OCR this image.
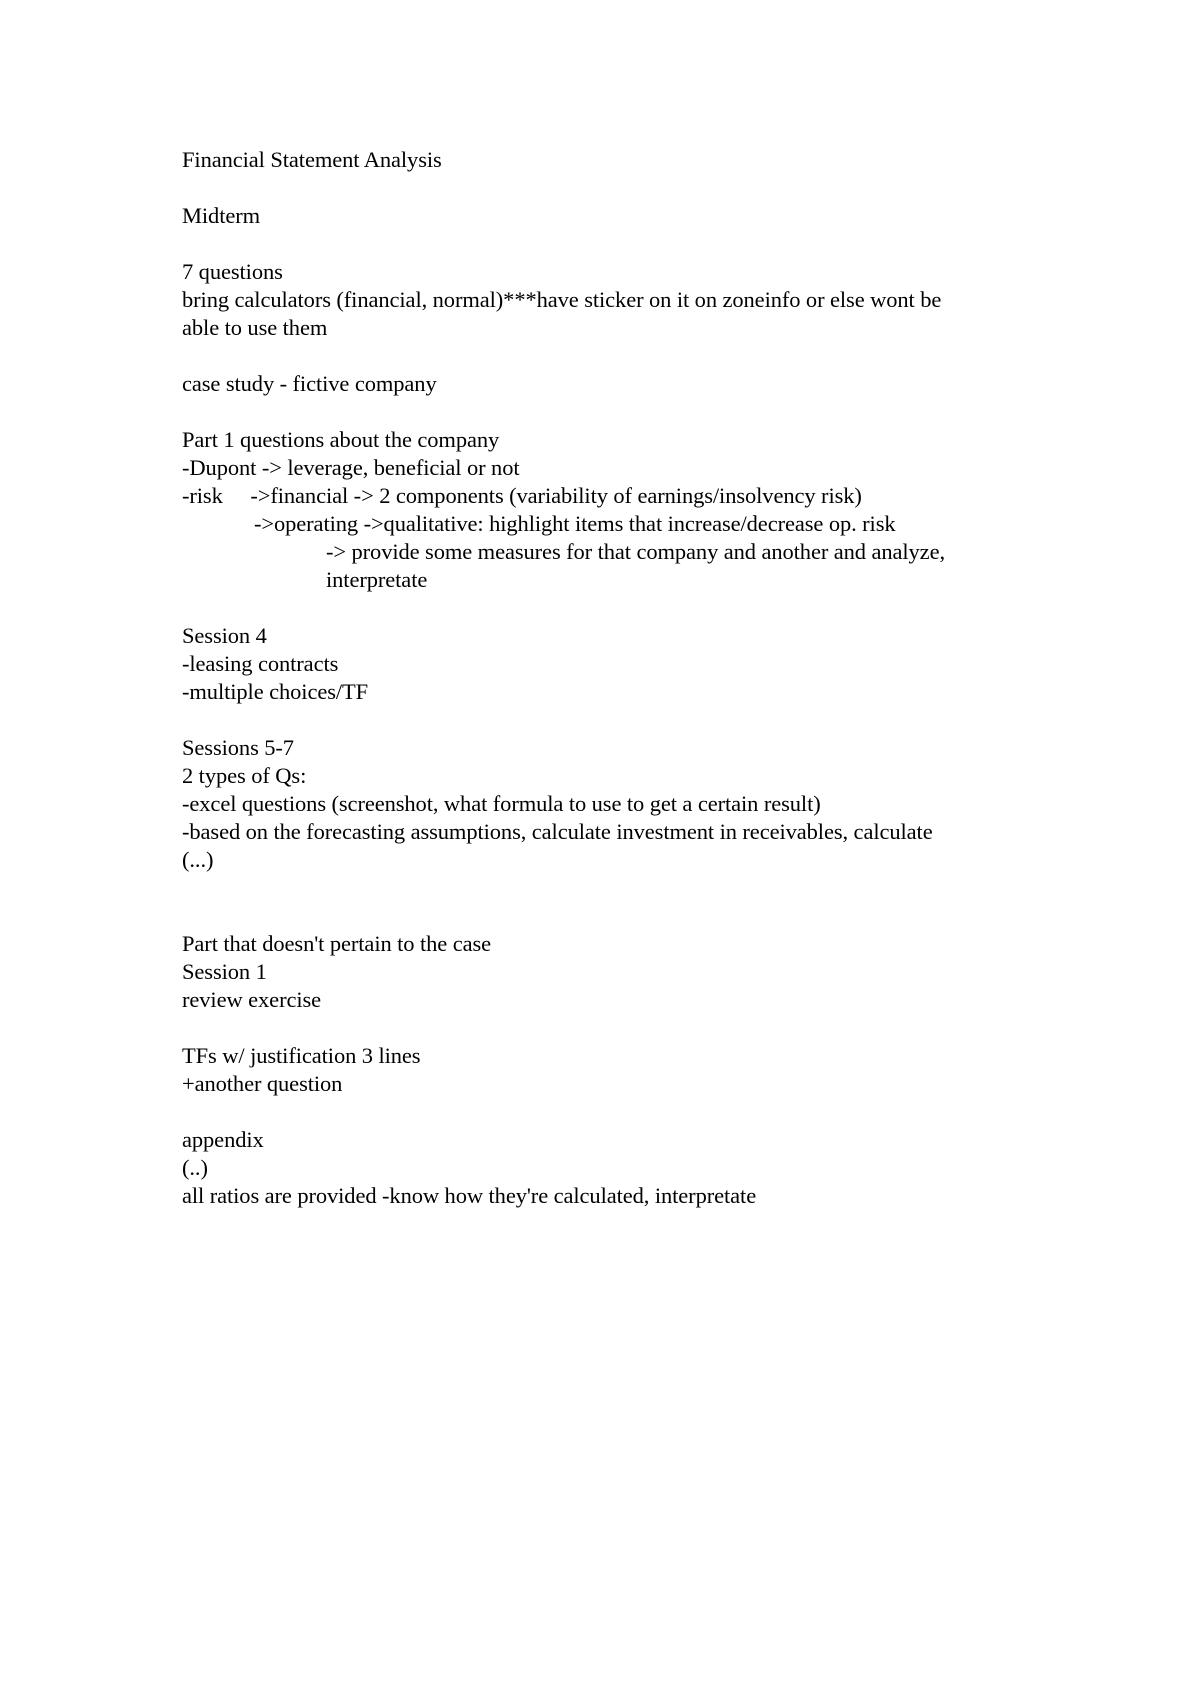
Financial Statement Analysis
Midterm
7 questions
bring calculators (financial, normal)***have sticker on it on zoneinfo or else wont be
able to use them
case study - fictive company
Part 1 questions about the company
-Dupont -> leverage, beneficial or not
-risk     ->financial -> 2 components (variability of earnings/insolvency risk)
->operating ->qualitative: highlight items that increase/decrease op. risk
-> provide some measures for that company and another and analyze,
interpretate
Session 4
-leasing contracts
-multiple choices/TF
Sessions 5-7
2 types of Qs:
-excel questions (screenshot, what formula to use to get a certain result)
-based on the forecasting assumptions, calculate investment in receivables, calculate
(...)
Part that doesn't pertain to the case
Session 1
review exercise
TFs w/ justification 3 lines
+another question
appendix
(..)
all ratios are provided -know how they're calculated, interpretate
